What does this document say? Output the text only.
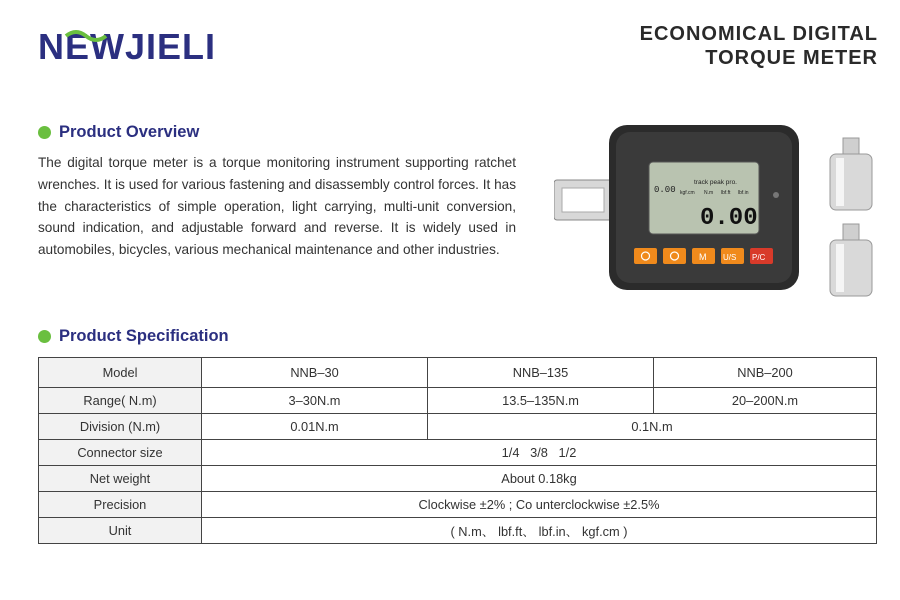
NEWJIELI	ECONOMICAL DIGITAL
TORQUE METER
Product Overview
The digital torque meter is a torque monitoring instrument supporting ratchet wrenches. It is used for various fastening and disassembly control forces. It has the characteristics of simple operation, light carrying, multi-unit conversion, sound indication, and adjustable forward and reverse. It is widely used in automobiles, bicycles, various mechanical maintenance and other industries.
0.00
track peak pro.
kgf.cm N.m lbf.ft lbf.in
0.00
M U/S P/C
Product Specification
Model	NNB–30	NNB–135	NNB–200
Range( N.m)	3–30N.m	13.5–135N.m	20–200N.m
Division (N.m)	0.01N.m	0.1N.m	
Connector size	1/4   3/8   1/2		
Net weight	About 0.18kg		
Precision	Clockwise ±2% ; Co unterclockwise ±2.5%		
Unit	( N.m、 lbf.ft、 lbf.in、 kgf.cm )		
